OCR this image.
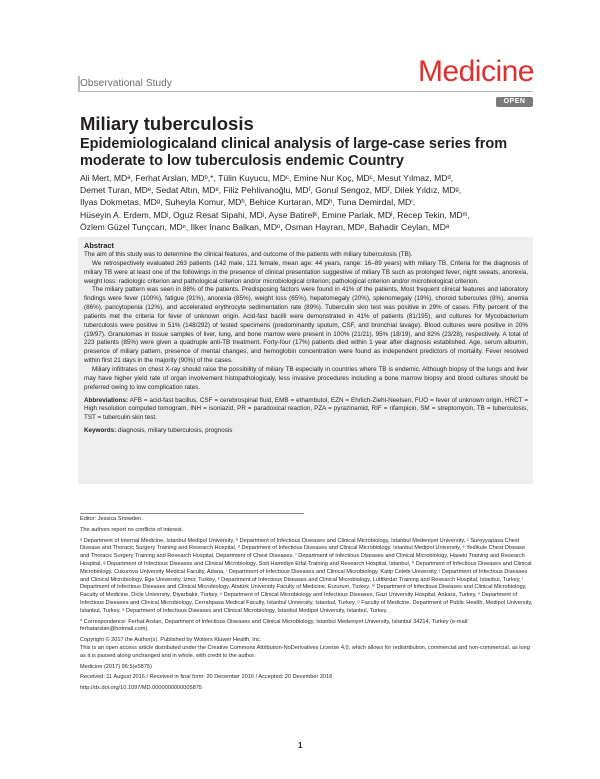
Observational Study	Medicine
OPEN
Miliary tuberculosis
Epidemiologicaland clinical analysis of large-case series from moderate to low tuberculosis endemic Country
Ali Mert, MDᵃ, Ferhat Arslan, MDᵇ,*, Tülin Kuyucu, MDᶜ, Emine Nur Koç, MDᶜ, Mesut Yılmaz, MDᵈ,
Demet Turan, MDᵉ, Sedat Altın, MDᵉ, Filiz Pehlivanoğlu, MDᶠ, Gonul Sengoz, MDᶠ, Dilek Yıldız, MDᵍ,
Ilyas Dokmetas, MDᵍ, Suheyla Komur, MDʰ, Behice Kurtaran, MDʰ, Tuna Demirdal, MDⁱ,
Hüseyin A. Erdem, MDʲ, Oguz Resat Sipahi, MDʲ, Ayse Batirelᵏ, Emine Parlak, MDˡ, Recep Tekin, MDᵐ,
Özlem Güzel Tunçcan, MDⁿ, Ilker Inanc Balkan, MDᵒ, Osman Hayran, MDᵖ, Bahadir Ceylan, MDᵃ
Abstract

The aim of this study was to determine the clinical features, and outcome of the patients with miliary tuberculosis (TB).

We retrospectively evaluated 263 patients (142 male, 121 female, mean age: 44 years, range: 16–89 years) with miliary TB. Criteria for the diagnosis of miliary TB were at least one of the followings in the presence of clinical presentation suggestive of miliary TB such as prolonged fever, night sweats, anorexia, weight loss: radiologic criterion and pathological criterion and/or microbiological criterion; pathological criterion and/or microbiological criterion.

The miliary pattern was seen in 88% of the patients. Predisposing factors were found in 41% of the patients. Most frequent clinical features and laboratory findings were fever (100%), fatigue (91%), anorexia (85%), weight loss (65%), hepatomegaly (20%), splenomegaly (19%), choroid tubercules (8%), anemia (86%), pancytopenia (12%), and accelerated erythrocyte sedimentation rate (89%). Tuberculin skin test was positive in 29% of cases. Fifty percent of the patients met the criteria for fever of unknown origin. Acid-fast bacilli were demonstrated in 41% of patients (81/195), and cultures for Mycobacterium tuberculosis were positive in 51% (148/292) of tested specimens (predominantly sputum, CSF, and bronchial lavage). Blood cultures were positive in 20% (19/97). Granulomas in tissue samples of liver, lung, and bone marrow were present in 100% (21/21), 95% (18/19), and 82% (23/28), respectively. A total of 223 patients (85%) were given a quadruple anti-TB treatment. Forty-four (17%) patients died within 1 year after diagnosis established. Age, serum albumin, presence of miliary pattern, presence of mental changes, and hemoglobin concentration were found as independent predictors of mortality. Fever resolved within first 21 days in the majority (90%) of the cases.

Miliary infiltrates on chest X-ray should raise the possibility of miliary TB especially in countries where TB is endemic. Although biopsy of the lungs and liver may have higher yield rate of organ involvement histopathologicaly, less invasive procedures including a bone marrow biopsy and blood cultures should be preferred owing to low complication rates.

Abbreviations: AFB = acid-fast bacillus, CSF = cerebrospinal fluid, EMB = ethambutol, EZN = Ehrlich-Ziehl-Neelsen, FUO = fever of unknown origin, HRCT = High resolution computed tomogram, INH = isoniazid, PR = paradoxical reaction, PZA = pyrazinamid, RIF = rifampicin, SM = streptomycin, TB = tuberculosis, TST = tuberculin skin test.

Keywords: diagnosis, miliary tuberculosis, prognosis

Editor: Jessica Snowden.

The authors report no conflicts of interest.

ᵃ Department of Internal Medicine, Istanbul Medipol University, ᵇ Department of Infectious Diseases and Clinical Microbiology, Istanbul Medeniyet University, ᶜ Sureyyapasa Chest Disease and Thoracic Surgery Training and Research Hospital, ᵈ Department of Infectious Diseases and Clinical Microbiology, Istanbul Medipol University, ᵉ Yedikule Chest Disease and Thoracic Surgery Training and Research Hospital, Department of Chest Diseases, ᶠ Department of Infectious Diseases and Clinical Microbiology, Haseki Training and Research Hospital, ᵍ Department of Infectious Diseases and Clinical Microbiology, Sisli Hamidiye Etfal Training and Research Hospital, Istanbul, ʰ Department of Infectious Diseases and Clinical Microbiology, Cukurova University Medical Faculty, Adana, ⁱ Department of Infectious Diseases and Clinical Microbiology, Katip Celebi University, ʲ Department of Infectious Diseases and Clinical Microbiology, Ege University, Izmir, Turkey, ᵏ Department of Infectious Diseases and Clinical Microbiology, Lutfikirdar Training and Research Hospital, Istanbul, Turkey, ˡ Department of Infectious Diseases and Clinical Microbiology, Atatürk University Faculty of Medicine, Erzurum, Turkey, ᵐ Department of Infectious Diseases and Clinical Microbiology, Faculty of Medicine, Dicle University, Diyarbakir, Turkey, ⁿ Department of Clinical Microbiology and Infectious Diseases, Gazi University Hospital, Ankara, Turkey, ᵒ Department of Infectious Diseases and Clinical Microbiology, Cerrahpasa Medical Faculty, Istanbul University, Istanbul, Turkey, ᵖ Faculty of Medicine, Department of Public Health, Medipol University, Istanbul, Turkey, ᵃ Department of Infectious Diseases and Clinical Microbiology, Istanbul Medipol University, Istanbul, Turkey.

* Correspondence: Ferhat Arslan, Department of Infectious Diseases and Clinical Microbiology, Istanbul Medeniyet University, Istanbul 34214, Turkey (e-mail: ferhatarslan@hotmail.com).

Copyright © 2017 the Author(s). Published by Wolters Kluwer Health, Inc.

This is an open access article distributed under the Creative Commons Attribution-NoDerivatives License 4.0, which allows for redistribution, commercial and non-commercial, as long as it is passed along unchanged and in whole, with credit to the author.

Medicine (2017) 96:5(e5875)

Received: 11 August 2016 / Received in final form: 20 December 2016 / Accepted: 20 December 2016

http://dx.doi.org/10.1097/MD.0000000000005875

1
